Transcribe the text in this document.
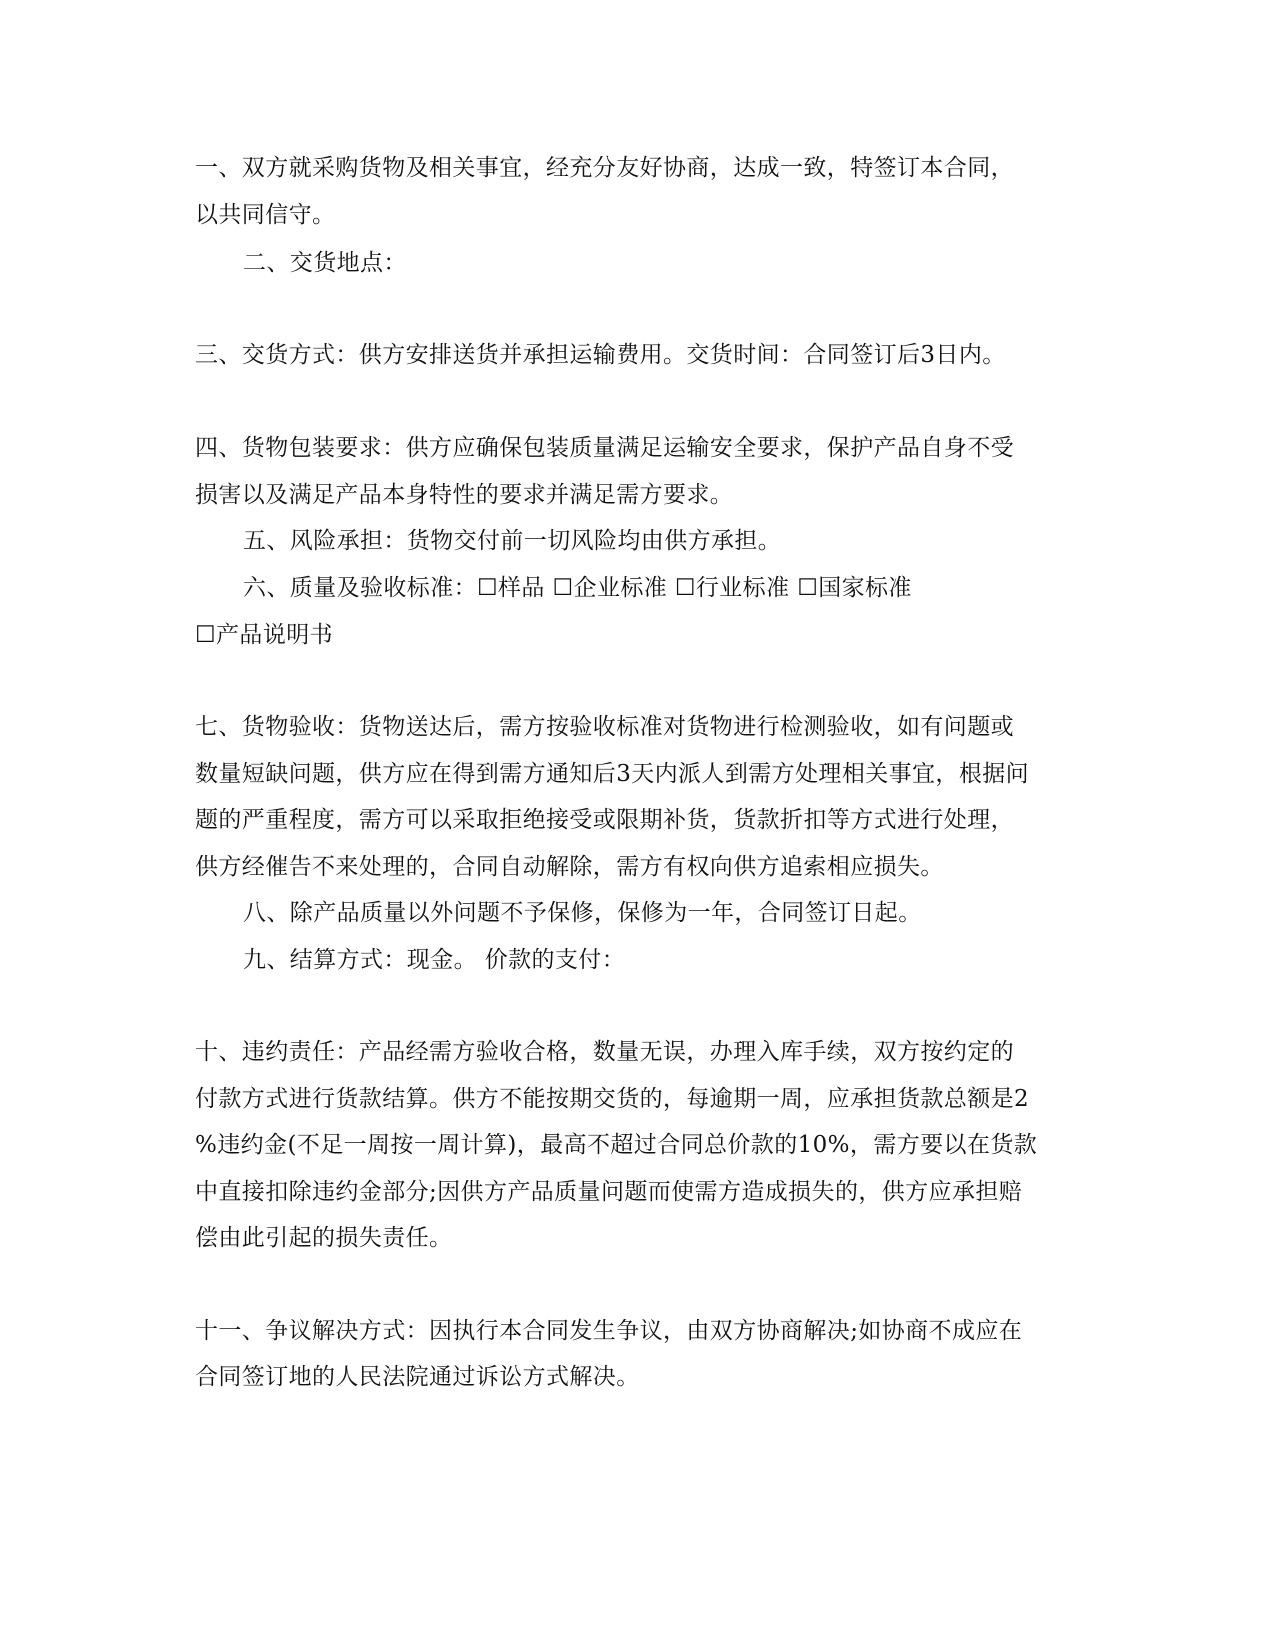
一、双方就采购货物及相关事宜，经充分友好协商，达成一致，特签订本合同，
以共同信守。
二、交货地点：
三、交货方式：供方安排送货并承担运输费用。交货时间：合同签订后3日内。
四、货物包装要求：供方应确保包装质量满足运输安全要求，保护产品自身不受
损害以及满足产品本身特性的要求并满足需方要求。
五、风险承担：货物交付前一切风险均由供方承担。
六、质量及验收标准：☐样品 ☐企业标准 ☐行业标准 ☐国家标准
☐产品说明书
七、货物验收：货物送达后，需方按验收标准对货物进行检测验收，如有问题或
数量短缺问题，供方应在得到需方通知后3天内派人到需方处理相关事宜，根据问
题的严重程度，需方可以采取拒绝接受或限期补货，货款折扣等方式进行处理，
供方经催告不来处理的，合同自动解除，需方有权向供方追索相应损失。
八、除产品质量以外问题不予保修，保修为一年，合同签订日起。
九、结算方式：现金。 价款的支付：
十、违约责任：产品经需方验收合格，数量无误，办理入库手续，双方按约定的
付款方式进行货款结算。供方不能按期交货的，每逾期一周，应承担货款总额是2
%违约金(不足一周按一周计算)，最高不超过合同总价款的10%，需方要以在货款
中直接扣除违约金部分;因供方产品质量问题而使需方造成损失的，供方应承担赔
偿由此引起的损失责任。
十一、争议解决方式：因执行本合同发生争议，由双方协商解决;如协商不成应在
合同签订地的人民法院通过诉讼方式解决。
